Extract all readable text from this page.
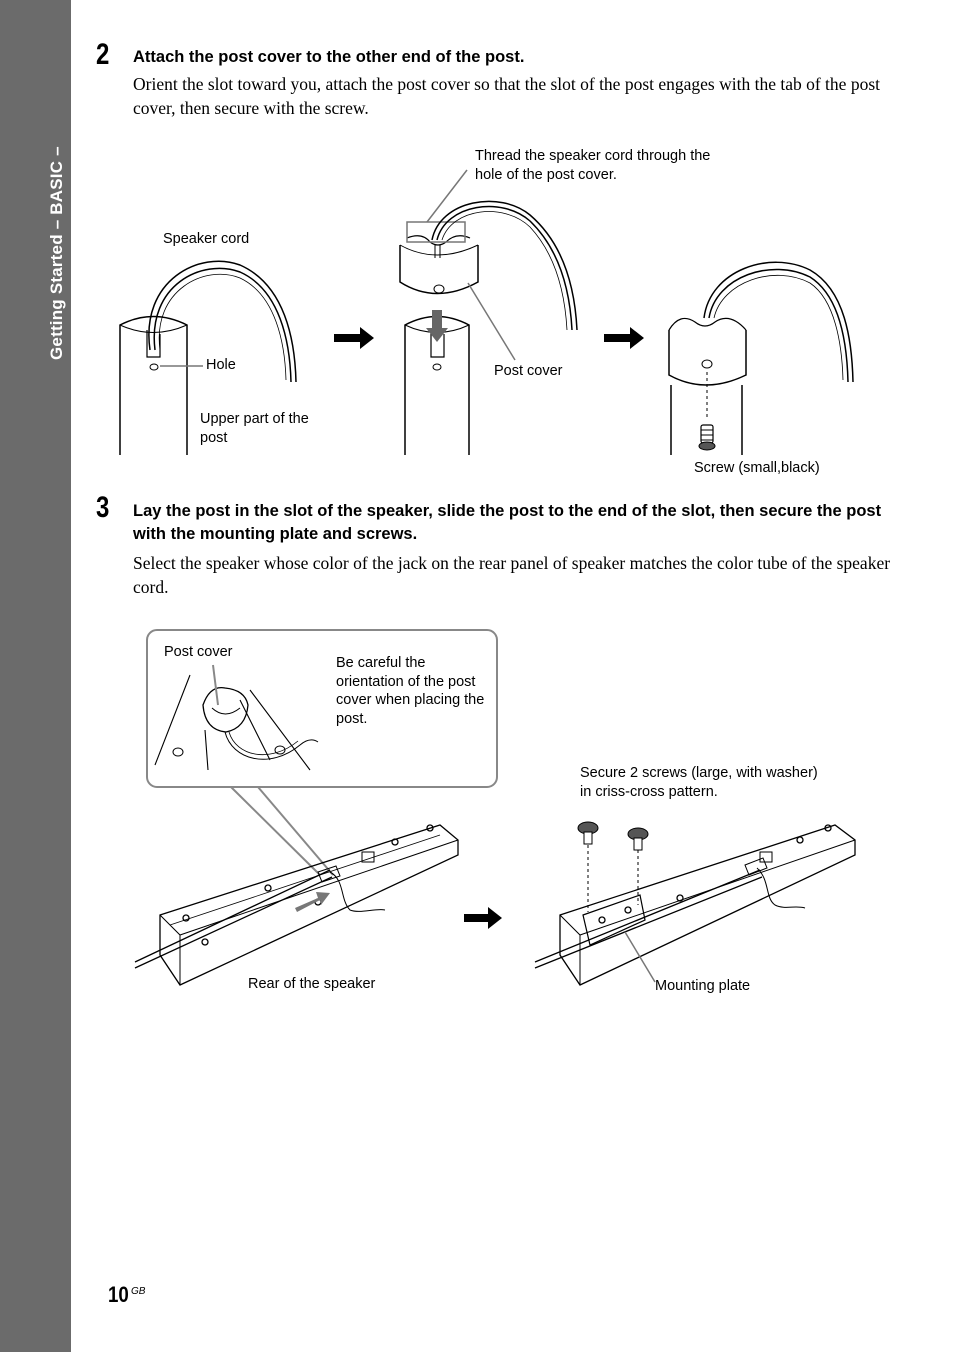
Getting Started – BASIC –
2 Attach the post cover to the other end of the post.
Orient the slot toward you, attach the post cover so that the slot of the post engages with the tab of the post cover, then secure with the screw.
Thread the speaker cord through the hole of the post cover.
Speaker cord
Hole
Upper part of the post
Post cover
Screw (small,black)
3 Lay the post in the slot of the speaker, slide the post to the end of the slot, then secure the post with the mounting plate and screws.
Select the speaker whose color of the jack on the rear panel of speaker matches the color tube of the speaker cord.
Post cover
Be careful the orientation of the post cover when placing the post.
Secure 2 screws (large, with washer) in criss-cross pattern.
Rear of the speaker	Mounting plate
10 GB
